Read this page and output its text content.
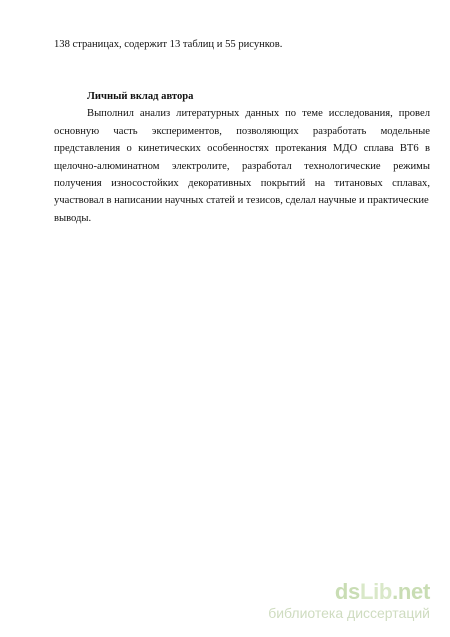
138 страницах, содержит 13 таблиц и 55 рисунков.
Личный вклад автора
Выполнил анализ литературных данных по теме исследования, провел
основную часть экспериментов, позволяющих разработать модельные
представления о кинетических особенностях протекания МДО сплава ВТ6 в
щелочно-алюминатном электролите, разработал технологические режимы
получения износостойких декоративных покрытий на титановых сплавах,
участвовал в написании научных статей и тезисов, сделал научные и практические
выводы.
dsLib.net
библиотека диссертаций
